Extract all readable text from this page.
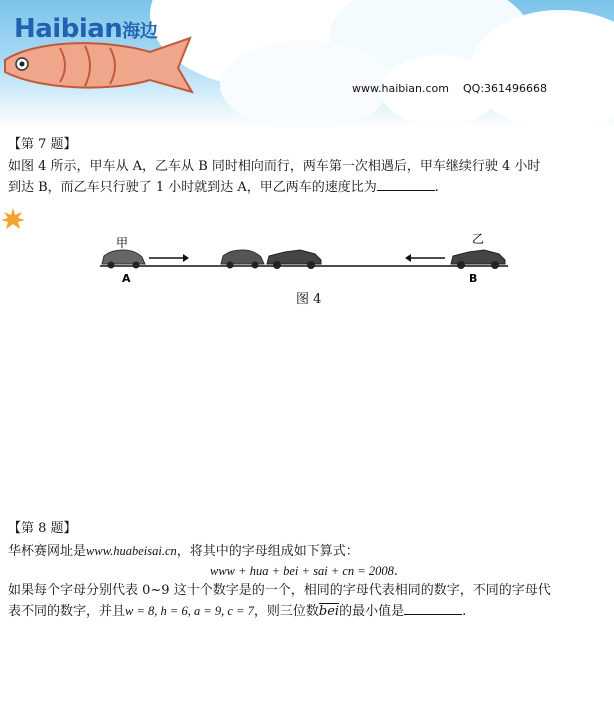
Haibian海边
www.haibian.com QQ:361496668
【第 7 题】
如图 4 所示，甲车从 A，乙车从 B 同时相向而行，两车第一次相遇后，甲车继续行驶 4 小时
到达 B，而乙车只行驶了 1 小时就到达 A，甲乙两车的速度比为	.
甲
A
乙
B
图 4
【第 8 题】
华杯赛网址是www.huabeisai.cn，将其中的字母组成如下算式：
www + hua + bei + sai + cn = 2008.
如果每个字母分别代表 0~9 这十个数字是的一个，相同的字母代表相同的数字，不同的字母代
表不同的数字，并且w = 8, h = 6, a = 9, c = 7，则三位数$\overline{bei}$的最小值是	.
